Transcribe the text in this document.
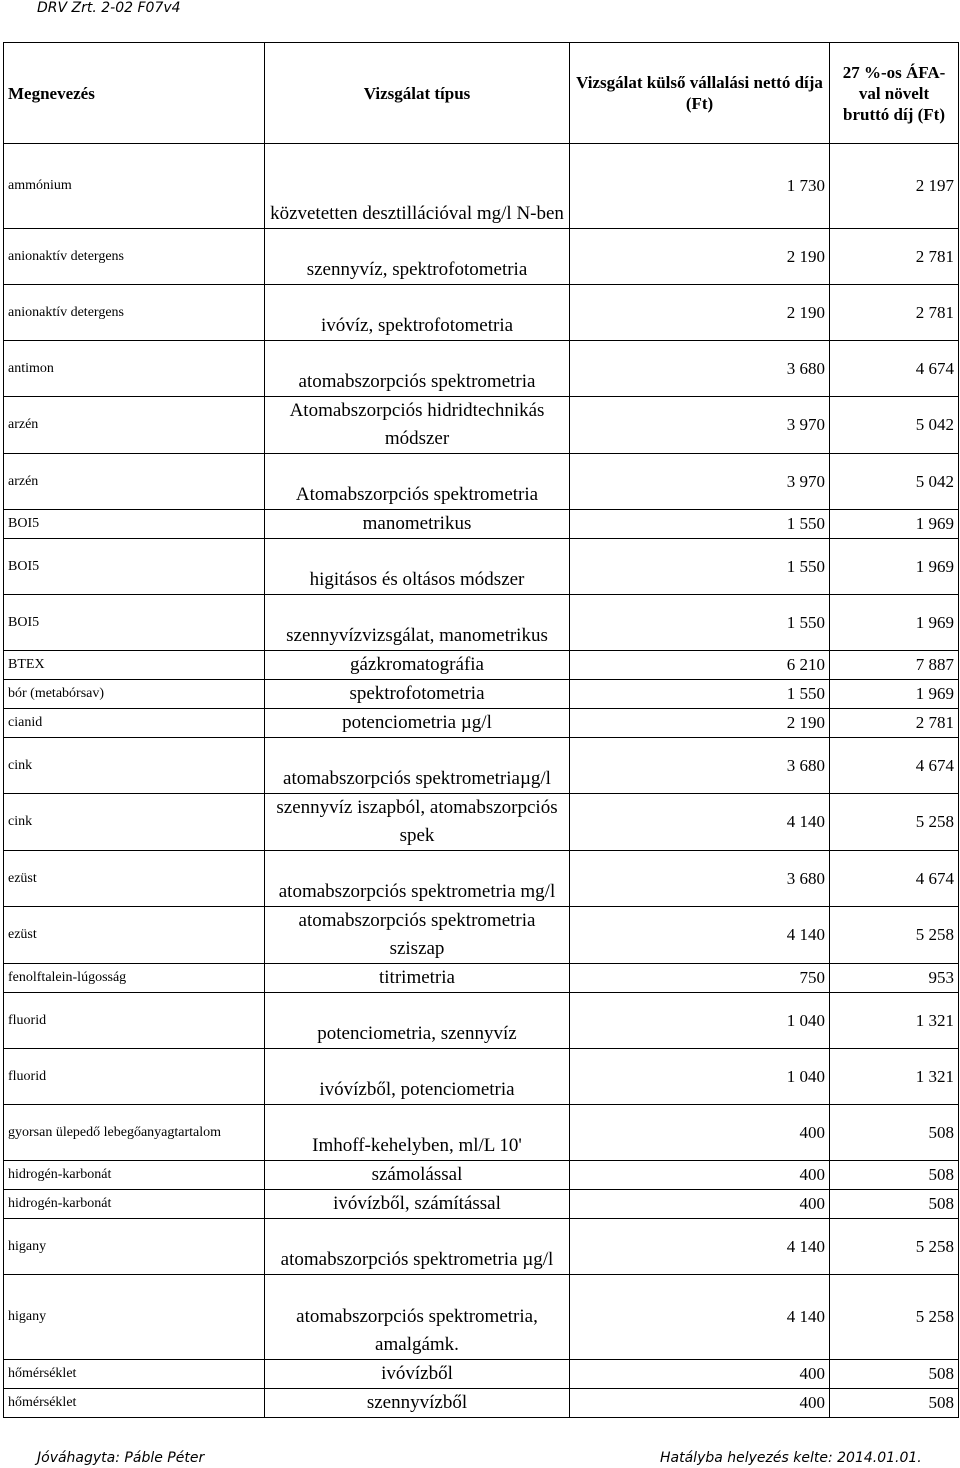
DRV Zrt. 2-02 F07v4
Megnevezés	Vizsgálat típus	Vizsgálat külső vállalási nettó díja (Ft)	27 %-os ÁFA-val növelt bruttó díj (Ft)
ammónium	közvetetten desztillációval mg/l N-ben	1 730	2 197
anionaktív detergens	szennyvíz, spektrofotometria	2 190	2 781
anionaktív detergens	ivóvíz, spektrofotometria	2 190	2 781
antimon	atomabszorpciós spektrometria	3 680	4 674
arzén	Atomabszorpciós hidridtechnikás módszer	3 970	5 042
arzén	Atomabszorpciós spektrometria	3 970	5 042
BOI5	manometrikus	1 550	1 969
BOI5	higitásos és oltásos módszer	1 550	1 969
BOI5	szennyvízvizsgálat, manometrikus	1 550	1 969
BTEX	gázkromatográfia	6 210	7 887
bór (metabórsav)	spektrofotometria	1 550	1 969
cianid	potenciometria µg/l	2 190	2 781
cink	atomabszorpciós spektrometriaµg/l	3 680	4 674
cink	szennyvíz iszapból, atomabszorpciós spek	4 140	5 258
ezüst	atomabszorpciós spektrometria mg/l	3 680	4 674
ezüst	atomabszorpciós spektrometria sziszap	4 140	5 258
fenolftalein-lúgosság	titrimetria	750	953
fluorid	potenciometria, szennyvíz	1 040	1 321
fluorid	ivóvízből, potenciometria	1 040	1 321
gyorsan ülepedő lebegőanyagtartalom	Imhoff-kehelyben, ml/L 10'	400	508
hidrogén-karbonát	számolással	400	508
hidrogén-karbonát	ivóvízből, számítással	400	508
higany	atomabszorpciós spektrometria µg/l	4 140	5 258
higany	atomabszorpciós spektrometria, amalgámk.	4 140	5 258
hőmérséklet	ivóvízből	400	508
hőmérséklet	szennyvízből	400	508
Jóváhagyta: Páble Péter	Hatályba helyezés kelte: 2014.01.01.
